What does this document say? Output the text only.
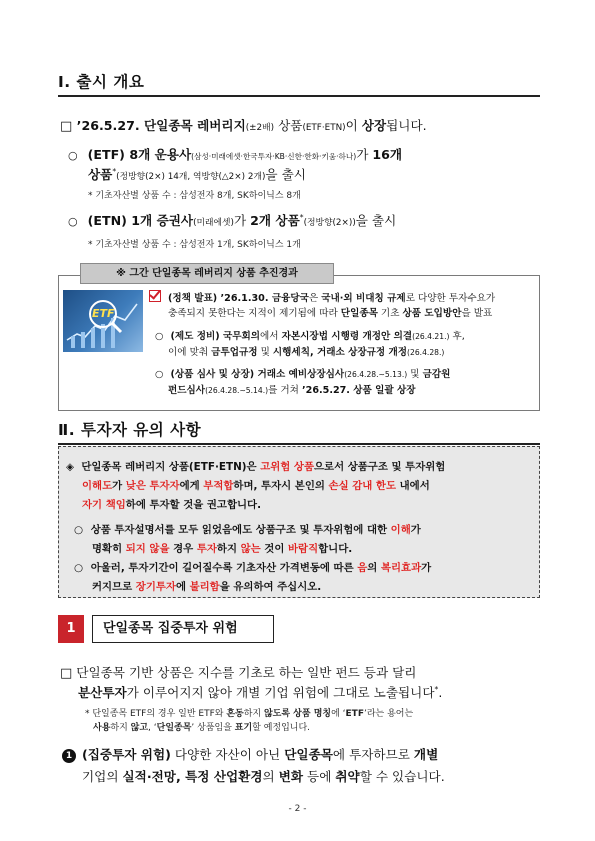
Ⅰ. 출시 개요
□ ’26.5.27. 단일종목 레버리지(±2배) 상품(ETF·ETN)이 상장됩니다.
○ (ETF) 8개 운용사(삼성·미래에셋·한국투자·KB·신한·한화·키움·하나)가 16개
상품*(정방향(2×) 14개, 역방향(△2×) 2개)을 출시
* 기초자산별 상품 수 : 삼성전자 8개, SK하이닉스 8개
○ (ETN) 1개 증권사(미래에셋)가 2개 상품*(정방향(2×))을 출시
* 기초자산별 상품 수 : 삼성전자 1개, SK하이닉스 1개
※ 그간 단일종목 레버리지 상품 추진경과
ETF
(정책 발표) ’26.1.30. 금융당국은 국내·외 비대칭 규제로 다양한 투자수요가
충족되지 못한다는 지적이 제기됨에 따라 단일종목 기초 상품 도입방안을 발표
○ (제도 정비) 국무회의에서 자본시장법 시행령 개정안 의결(26.4.21.) 후,
이에 맞춰 금투업규정 및 시행세칙, 거래소 상장규정 개정(26.4.28.)
○ (상품 심사 및 상장) 거래소 예비상장심사(26.4.28.~5.13.) 및 금감원
펀드심사(26.4.28.~5.14.)를 거쳐 ’26.5.27. 상품 일괄 상장
Ⅱ. 투자자 유의 사항
◈ 단일종목 레버리지 상품(ETF·ETN)은 고위험 상품으로서 상품구조 및 투자위험
이해도가 낮은 투자자에게 부적합하며, 투자시 본인의 손실 감내 한도 내에서
자기 책임하에 투자할 것을 권고합니다.
○ 상품 투자설명서를 모두 읽었음에도 상품구조 및 투자위험에 대한 이해가
명확히 되지 않을 경우 투자하지 않는 것이 바람직합니다.
○ 아울러, 투자기간이 길어질수록 기초자산 가격변동에 따른 음의 복리효과가
커지므로 장기투자에 불리함을 유의하여 주십시오.
1	단일종목 집중투자 위험
□ 단일종목 기반 상품은 지수를 기초로 하는 일반 펀드 등과 달리
분산투자가 이루어지지 않아 개별 기업 위험에 그대로 노출됩니다*.
* 단일종목 ETF의 경우 일반 ETF와 혼동하지 않도록 상품 명칭에 ‘ETF’라는 용어는
사용하지 않고, ‘단일종목’ 상품임을 표기할 예정입니다.
1 (집중투자 위험) 다양한 자산이 아닌 단일종목에 투자하므로 개별
기업의 실적·전망, 특정 산업환경의 변화 등에 취약할 수 있습니다.
- 2 -
